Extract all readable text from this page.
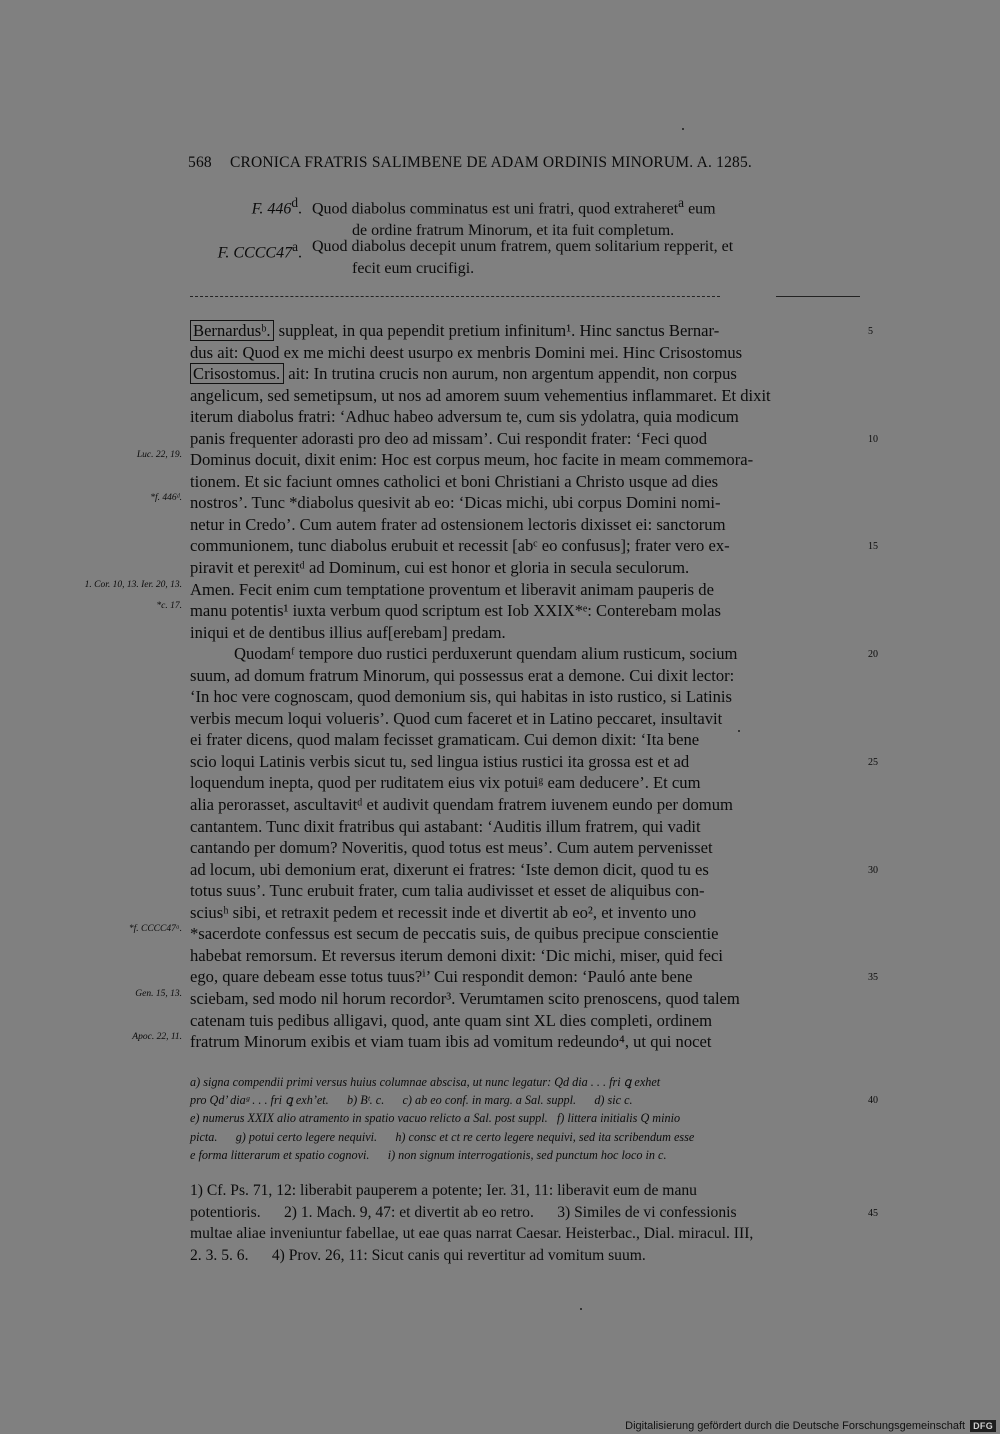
568 CRONICA FRATRIS SALIMBENE DE ADAM ORDINIS MINORUM. A. 1285.
F. 446$^d$. Quod diabolus comminatus est uni fratri, quod extraheret$^a$ eum
de ordine fratrum Minorum, et ita fuit completum.
F. CCCC47$^a$. Quod diabolus decepit unum fratrem, quem solitarium repperit, et
fecit eum crucifigi.
Bernardusᵇ. suppleat, in qua pependit pretium infinitum¹. Hinc sanctus Bernar-	5
dus ait: Quod ex me michi deest usurpo ex menbris Domini mei. Hinc Crisostomus
Crisostomus. ait: In trutina crucis non aurum, non argentum appendit, non corpus
angelicum, sed semetipsum, ut nos ad amorem suum vehementius inflammaret. Et dixit
iterum diabolus fratri: ‘Adhuc habeo adversum te, cum sis ydolatra, quia modicum
panis frequenter adorasti pro deo ad missam’. Cui respondit frater: ‘Feci quod	10
Dominus docuit, dixit enim: Hoc est corpus meum, hoc facite in meam commemora-
Luc. 22, 19.
tionem. Et sic faciunt omnes catholici et boni Christiani a Christo usque ad dies
nostros’. Tunc *diabolus quesivit ab eo: ‘Dicas michi, ubi corpus Domini nomi-
*f. 446ᵈ.
netur in Credo’. Cum autem frater ad ostensionem lectoris dixisset ei: sanctorum
communionem, tunc diabolus erubuit et recessit [abᶜ eo confusus]; frater vero ex-	15
piravit et perexitᵈ ad Dominum, cui est honor et gloria in secula seculorum.
Amen. Fecit enim cum temptatione proventum et liberavit animam pauperis de
1. Cor. 10, 13. Ier. 20, 13.
manu potentis¹ iuxta verbum quod scriptum est Iob XXIX*ᵉ: Conterebam molas
*c. 17.
iniqui et de dentibus illius auf[erebam] predam.
Quodamᶠ tempore duo rustici perduxerunt quendam alium rusticum, socium	20
suum, ad domum fratrum Minorum, qui possessus erat a demone. Cui dixit lector:
‘In hoc vere cognoscam, quod demonium sis, qui habitas in isto rustico, si Latinis
verbis mecum loqui volueris’. Quod cum faceret et in Latino peccaret, insultavit
ei frater dicens, quod malam fecisset gramaticam. Cui demon dixit: ‘Ita bene
scio loqui Latinis verbis sicut tu, sed lingua istius rustici ita grossa est et ad	25
loquendum inepta, quod per ruditatem eius vix potuiᵍ eam deducere’. Et cum
alia perorasset, ascultavitᵈ et audivit quendam fratrem iuvenem eundo per domum
cantantem. Tunc dixit fratribus qui astabant: ‘Auditis illum fratrem, qui vadit
cantando per domum? Noveritis, quod totus est meus’. Cum autem pervenisset
ad locum, ubi demonium erat, dixerunt ei fratres: ‘Iste demon dicit, quod tu es	30
totus suus’. Tunc erubuit frater, cum talia audivisset et esset de aliquibus con-
sciusʰ sibi, et retraxit pedem et recessit inde et divertit ab eo², et invento uno
*sacerdote confessus est secum de peccatis suis, de quibus precipue conscientie
*f. CCCC47ᵃ.
habebat remorsum. Et reversus iterum demoni dixit: ‘Dic michi, miser, quid feci
ego, quare debeam esse totus tuus?ⁱ’ Cui respondit demon: ‘Pauló ante bene	35
sciebam, sed modo nil horum recordor³. Verumtamen scito prenoscens, quod talem
Gen. 15, 13.
catenam tuis pedibus alligavi, quod, ante quam sint XL dies completi, ordinem
fratrum Minorum exibis et viam tuam ibis ad vomitum redeundo⁴, ut qui nocet
Apoc. 22, 11.
a) signa compendii primi versus huius columnae abscisa, ut nunc legatur: Qd dia . . . fri ꝗ exhet
pro Qd’ diaᵍ . . . fri ꝗ exh’et.      b) Bᵗ. c.      c) ab eo conf. in marg. a Sal. suppl.      d) sic c.	40
e) numerus XXIX alio atramento in spatio vacuo relicto a Sal. post suppl.   f) littera initialis Q minio
picta.      g) potui certo legere nequivi.      h) consc et ct re certo legere nequivi, sed ita scribendum esse
e forma litterarum et spatio cognovi.      i) non signum interrogationis, sed punctum hoc loco in c.
1) Cf. Ps. 71, 12: liberabit pauperem a potente; Ier. 31, 11: liberavit eum de manu
potentioris.      2) 1. Mach. 9, 47: et divertit ab eo retro.      3) Similes de vi confessionis	45
multae aliae inveniuntur fabellae, ut eae quas narrat Caesar. Heisterbac., Dial. miracul. III,
2. 3. 5. 6.      4) Prov. 26, 11: Sicut canis qui revertitur ad vomitum suum.
Digitalisierung gefördert durch die Deutsche Forschungsgemeinschaft DFG
